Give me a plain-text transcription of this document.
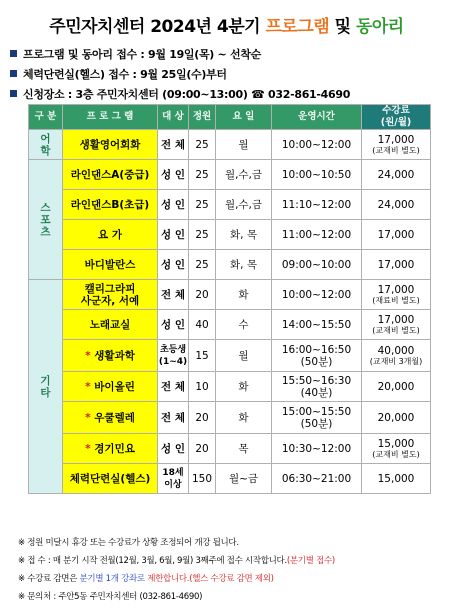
주민자치센터 2024년 4분기 프로그램 및 동아리
프로그램 및 동아리 접수 : 9월 19일(목) ~ 선착순
체력단련실(헬스) 접수 : 9월 25일(수)부터
신청장소 : 3층 주민자치센터 (09:00~13:00) ☎ 032-861-4690
구 분	프 로 그 램	대 상	정원	요 일	운영시간	수강료
(원/월)
어
학	생활영어회화	전 체	25	월	10:00~12:00	17,000
(교재비 별도)

스
포
츠	라인댄스A(중급)	성 인	25	월,수,금	10:00~10:50	24,000
	라인댄스B(초급)	성 인	25	월,수,금	11:10~12:00	24,000
	요 가	성 인	25	화, 목	11:00~12:00	17,000
	바디발란스	성 인	25	화, 목	09:00~10:00	17,000
기
타	캘리그라피
사군자, 서예	전 체	20	화	10:00~12:00	17,000
(재료비 별도)

	노래교실	성 인	40	수	14:00~15:50	17,000
(교재비 별도)

	* 생활과학	초등생
(1~4)	15	월	16:00~16:50
(50분)	40,000
(교재비 3개월)

	* 바이올린	전 체	10	화	15:50~16:30
(40분)	20,000
	* 우쿨렐레	전 체	20	화	15:00~15:50
(50분)	20,000
	* 경기민요	성 인	20	목	10:30~12:00	15,000
(교재비 별도)

	체력단련실(헬스)	18세
이상	150	월~금	06:30~21:00	15,000
※ 정원 미달시 휴강 또는 수강료가 상황 조정되어 개강 됩니다.
※ 접 수 : 매 분기 시작 전월(12월, 3월, 6월, 9월) 3째주에 접수 시작합니다.(분기별 접수)
※ 수강료 감면은 분기별 1개 강좌로 제한합니다.(헬스 수강료 감면 제외)
※ 문의처 : 주안5동 주민자치센터 (032-861-4690)
